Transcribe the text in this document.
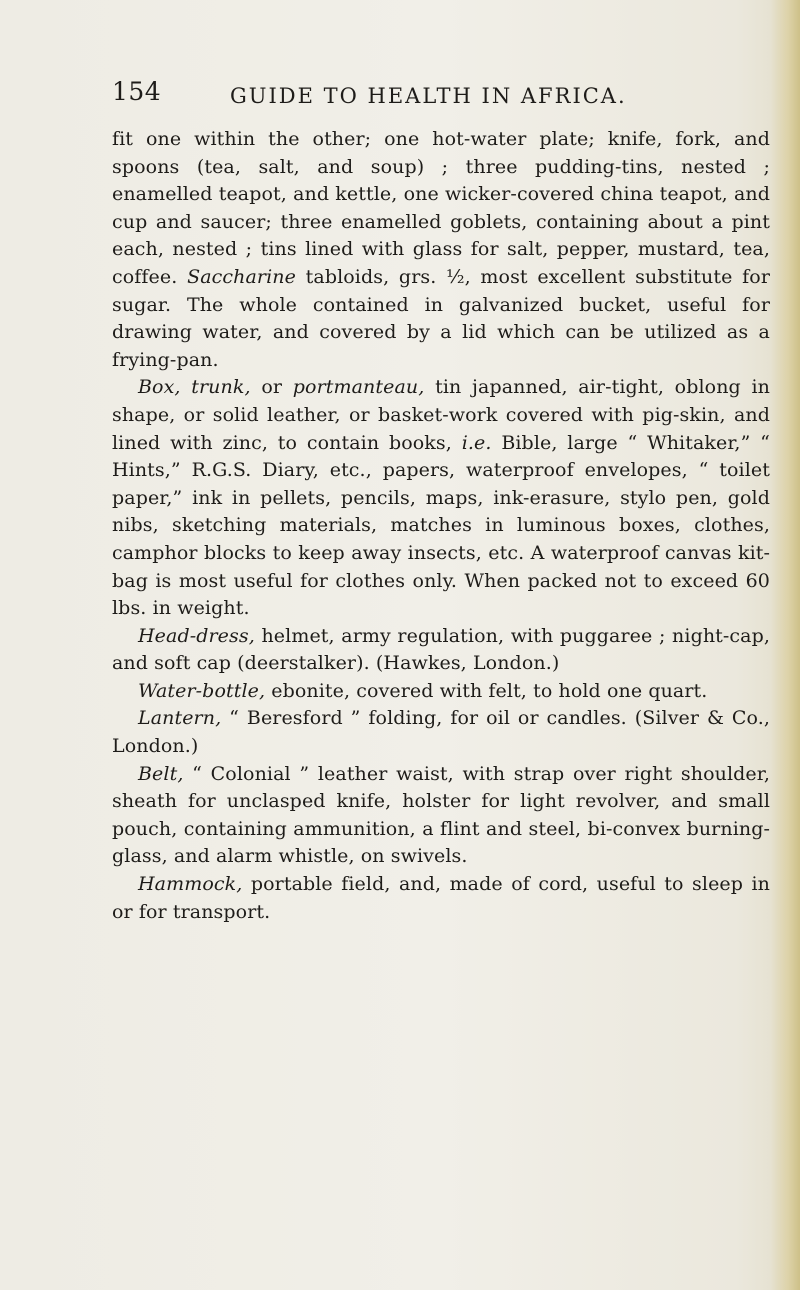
154	GUIDE TO HEALTH IN AFRICA.

fit one within the other; one hot-water plate; knife, fork, and spoons (tea, salt, and soup) ; three pudding-tins, nested ; enamelled teapot, and kettle, one wicker-covered china teapot, and cup and saucer; three enamelled goblets, containing about a pint each, nested ; tins lined with glass for salt, pepper, mustard, tea, coffee. Saccharine tabloids, grs. ½, most excellent substitute for sugar. The whole contained in galvanized bucket, useful for drawing water, and covered by a lid which can be utilized as a frying-pan.

Box, trunk, or portmanteau, tin japanned, air-tight, oblong in shape, or solid leather, or basket-work covered with pig-skin, and lined with zinc, to contain books, i.e. Bible, large “ Whitaker,” “ Hints,” R.G.S. Diary, etc., papers, waterproof envelopes, “ toilet paper,” ink in pellets, pencils, maps, ink-erasure, stylo pen, gold nibs, sketching materials, matches in luminous boxes, clothes, camphor blocks to keep away insects, etc. A waterproof canvas kit-bag is most useful for clothes only. When packed not to exceed 60 lbs. in weight.

Head-dress, helmet, army regulation, with puggaree ; night-cap, and soft cap (deerstalker). (Hawkes, London.)

Water-bottle, ebonite, covered with felt, to hold one quart.

Lantern, “ Beresford ” folding, for oil or candles. (Silver & Co., London.)

Belt, “ Colonial ” leather waist, with strap over right shoulder, sheath for unclasped knife, holster for light revolver, and small pouch, containing ammunition, a flint and steel, bi-convex burning-glass, and alarm whistle, on swivels.

Hammock, portable field, and, made of cord, useful to sleep in or for transport.
